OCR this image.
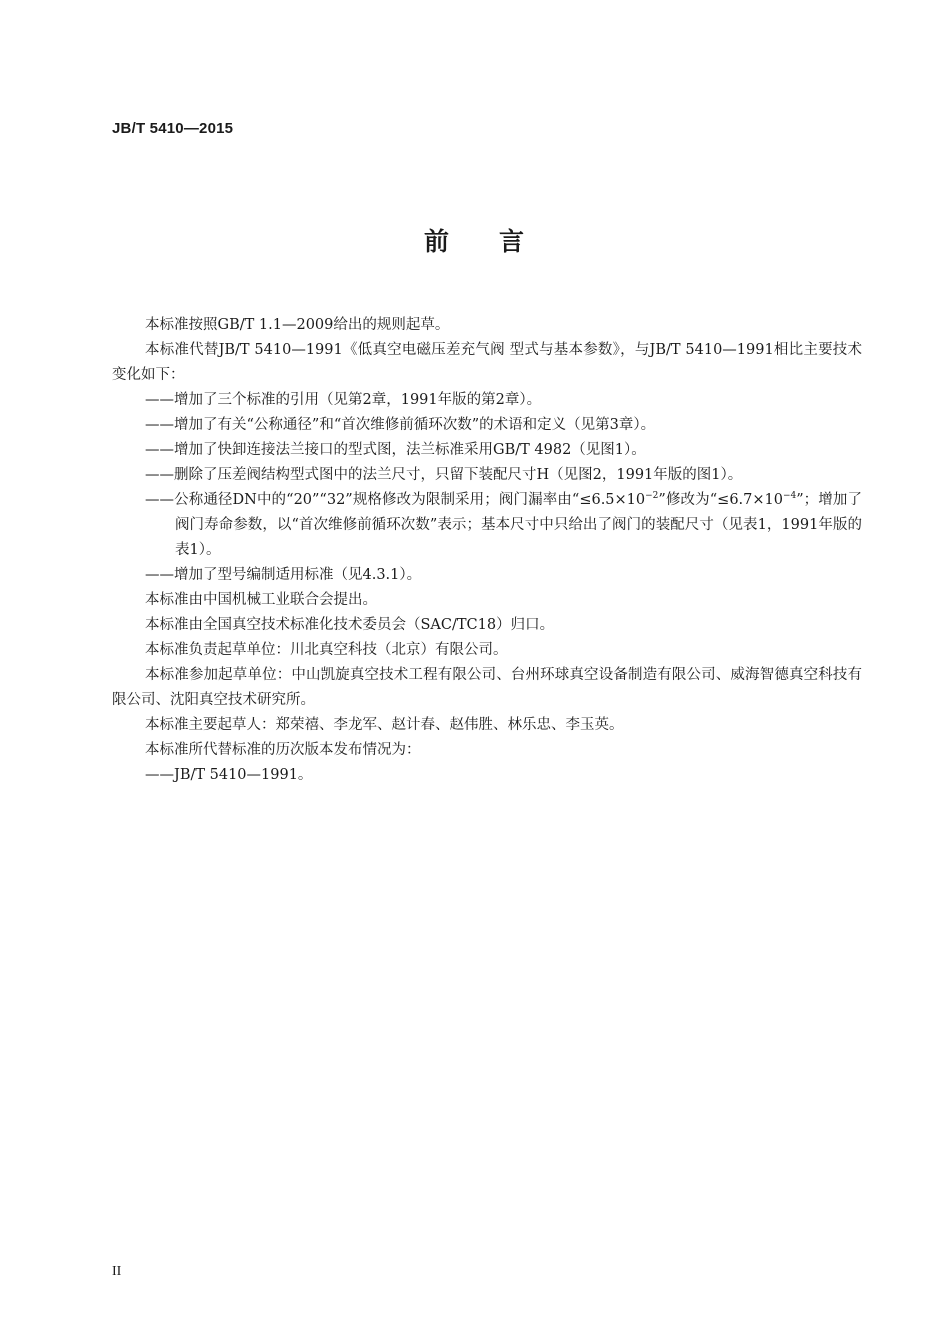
JB/T 5410—2015
前 言

本标准按照GB/T 1.1—2009给出的规则起草。

本标准代替JB/T 5410—1991《低真空电磁压差充气阀 型式与基本参数》，与JB/T 5410—1991相比主要技术变化如下：

——增加了三个标准的引用（见第2章，1991年版的第2章）。

——增加了有关“公称通径”和“首次维修前循环次数”的术语和定义（见第3章）。

——增加了快卸连接法兰接口的型式图，法兰标准采用GB/T 4982（见图1）。

——删除了压差阀结构型式图中的法兰尺寸，只留下装配尺寸H（见图2，1991年版的图1）。

——公称通径DN中的“20”“32”规格修改为限制采用；阀门漏率由“$\le 6.5\times 10^{-2}$”修改为“$\le 6.7\times 10^{-4}$”；增加了阀门寿命参数，以“首次维修前循环次数”表示；基本尺寸中只给出了阀门的装配尺寸（见表1，1991年版的表1）。

——增加了型号编制适用标准（见4.3.1）。

本标准由中国机械工业联合会提出。

本标准由全国真空技术标准化技术委员会（SAC/TC18）归口。

本标准负责起草单位：川北真空科技（北京）有限公司。

本标准参加起草单位：中山凯旋真空技术工程有限公司、台州环球真空设备制造有限公司、威海智德真空科技有限公司、沈阳真空技术研究所。

本标准主要起草人：郑荣禧、李龙军、赵计春、赵伟胜、林乐忠、李玉英。

本标准所代替标准的历次版本发布情况为：

——JB/T 5410—1991。

II
